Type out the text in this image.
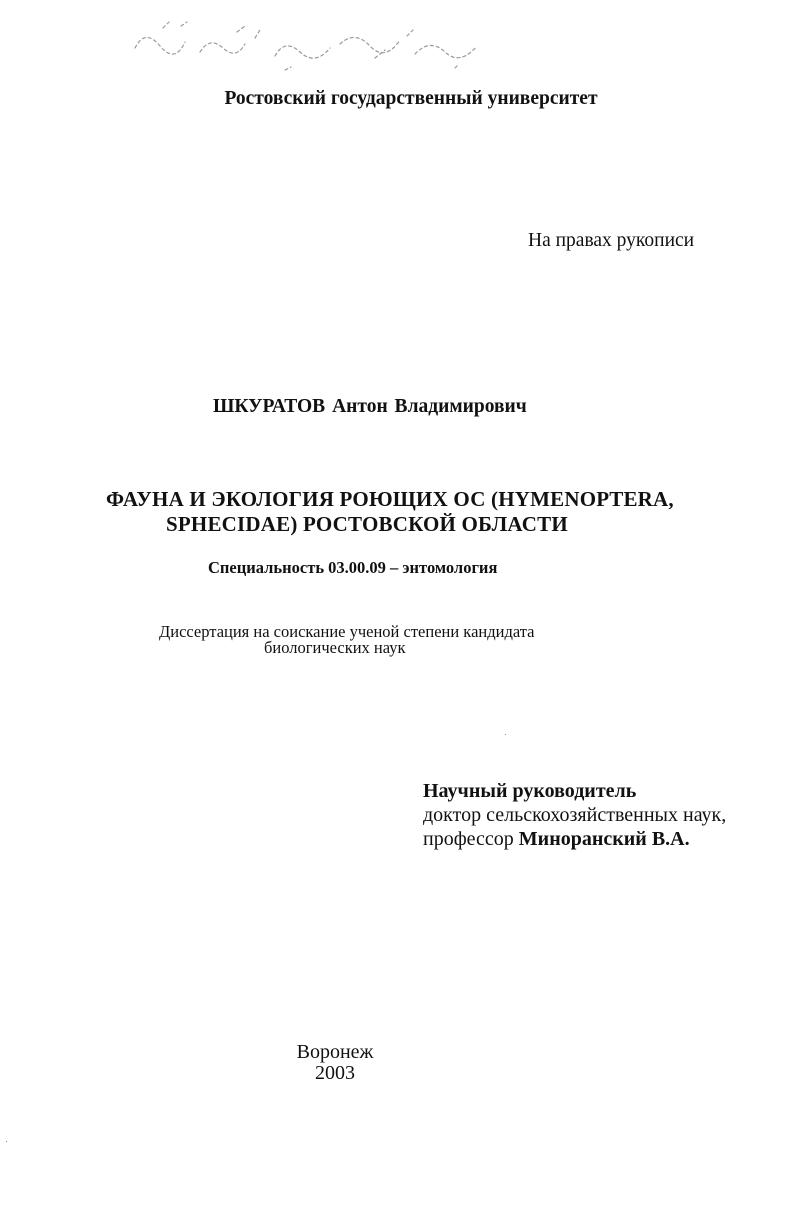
Ростовский государственный университет
На правах рукописи
ШКУРАТОВ Антон Владимирович
ФАУНА И ЭКОЛОГИЯ РОЮЩИХ ОС (HYMENOPTERA,
SPHECIDAE) РОСТОВСКОЙ ОБЛАСТИ
Специальность 03.00.09 – энтомология
Диссертация на соискание ученой степени кандидата
биологических наук
Научный руководитель
доктор сельскохозяйственных наук,
профессор Миноранский В.А.
Воронеж
2003
